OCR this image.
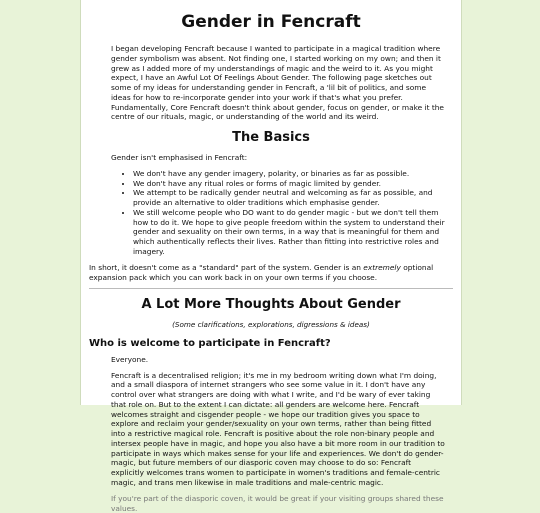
Gender in Fencraft

I began developing Fencraft because I wanted to participate in a magical tradition where gender symbolism was absent. Not finding one, I started working on my own; and then it grew as I added more of my understandings of magic and the weird to it. As you might expect, I have an Awful Lot Of Feelings About Gender. The following page sketches out some of my ideas for understanding gender in Fencraft, a 'lil bit of politics, and some ideas for how to re-incorporate gender into your work if that's what you prefer. Fundamentally, Core Fencraft doesn't think about gender, focus on gender, or make it the centre of our rituals, magic, or understanding of the world and its weird.

The Basics

Gender isn't emphasised in Fencraft:

• We don't have any gender imagery, polarity, or binaries as far as possible.
• We don't have any ritual roles or forms of magic limited by gender.
• We attempt to be radically gender neutral and welcoming as far as possible, and provide an alternative to older traditions which emphasise gender.
• We still welcome people who DO want to do gender magic - but we don't tell them how to do it. We hope to give people freedom within the system to understand their gender and sexuality on their own terms, in a way that is meaningful for them and which authentically reflects their lives. Rather than fitting into restrictive roles and imagery.

In short, it doesn't come as a "standard" part of the system. Gender is an extremely optional expansion pack which you can work back in on your own terms if you choose.

A Lot More Thoughts About Gender

(Some clarifications, explorations, digressions & ideas)

Who is welcome to participate in Fencraft?

Everyone.

Fencraft is a decentralised religion; it's me in my bedroom writing down what I'm doing, and a small diaspora of internet strangers who see some value in it. I don't have any control over what strangers are doing with what I write, and I'd be wary of ever taking that role on. But to the extent I can dictate: all genders are welcome here. Fencraft welcomes straight and cisgender people - we hope our tradition gives you space to explore and reclaim your gender/sexuality on your own terms, rather than being fitted into a restrictive magical role. Fencraft is positive about the role non-binary people and intersex people have in magic, and hope you also have a bit more room in our tradition to participate in ways which makes sense for your life and experiences. We don't do gender-magic, but future members of our diasporic coven may choose to do so: Fencraft explicitly welcomes trans women to participate in women's traditions and female-centric magic, and trans men likewise in male traditions and male-centric magic.

If you're part of the diasporic coven, it would be great if your visiting groups shared these values.
